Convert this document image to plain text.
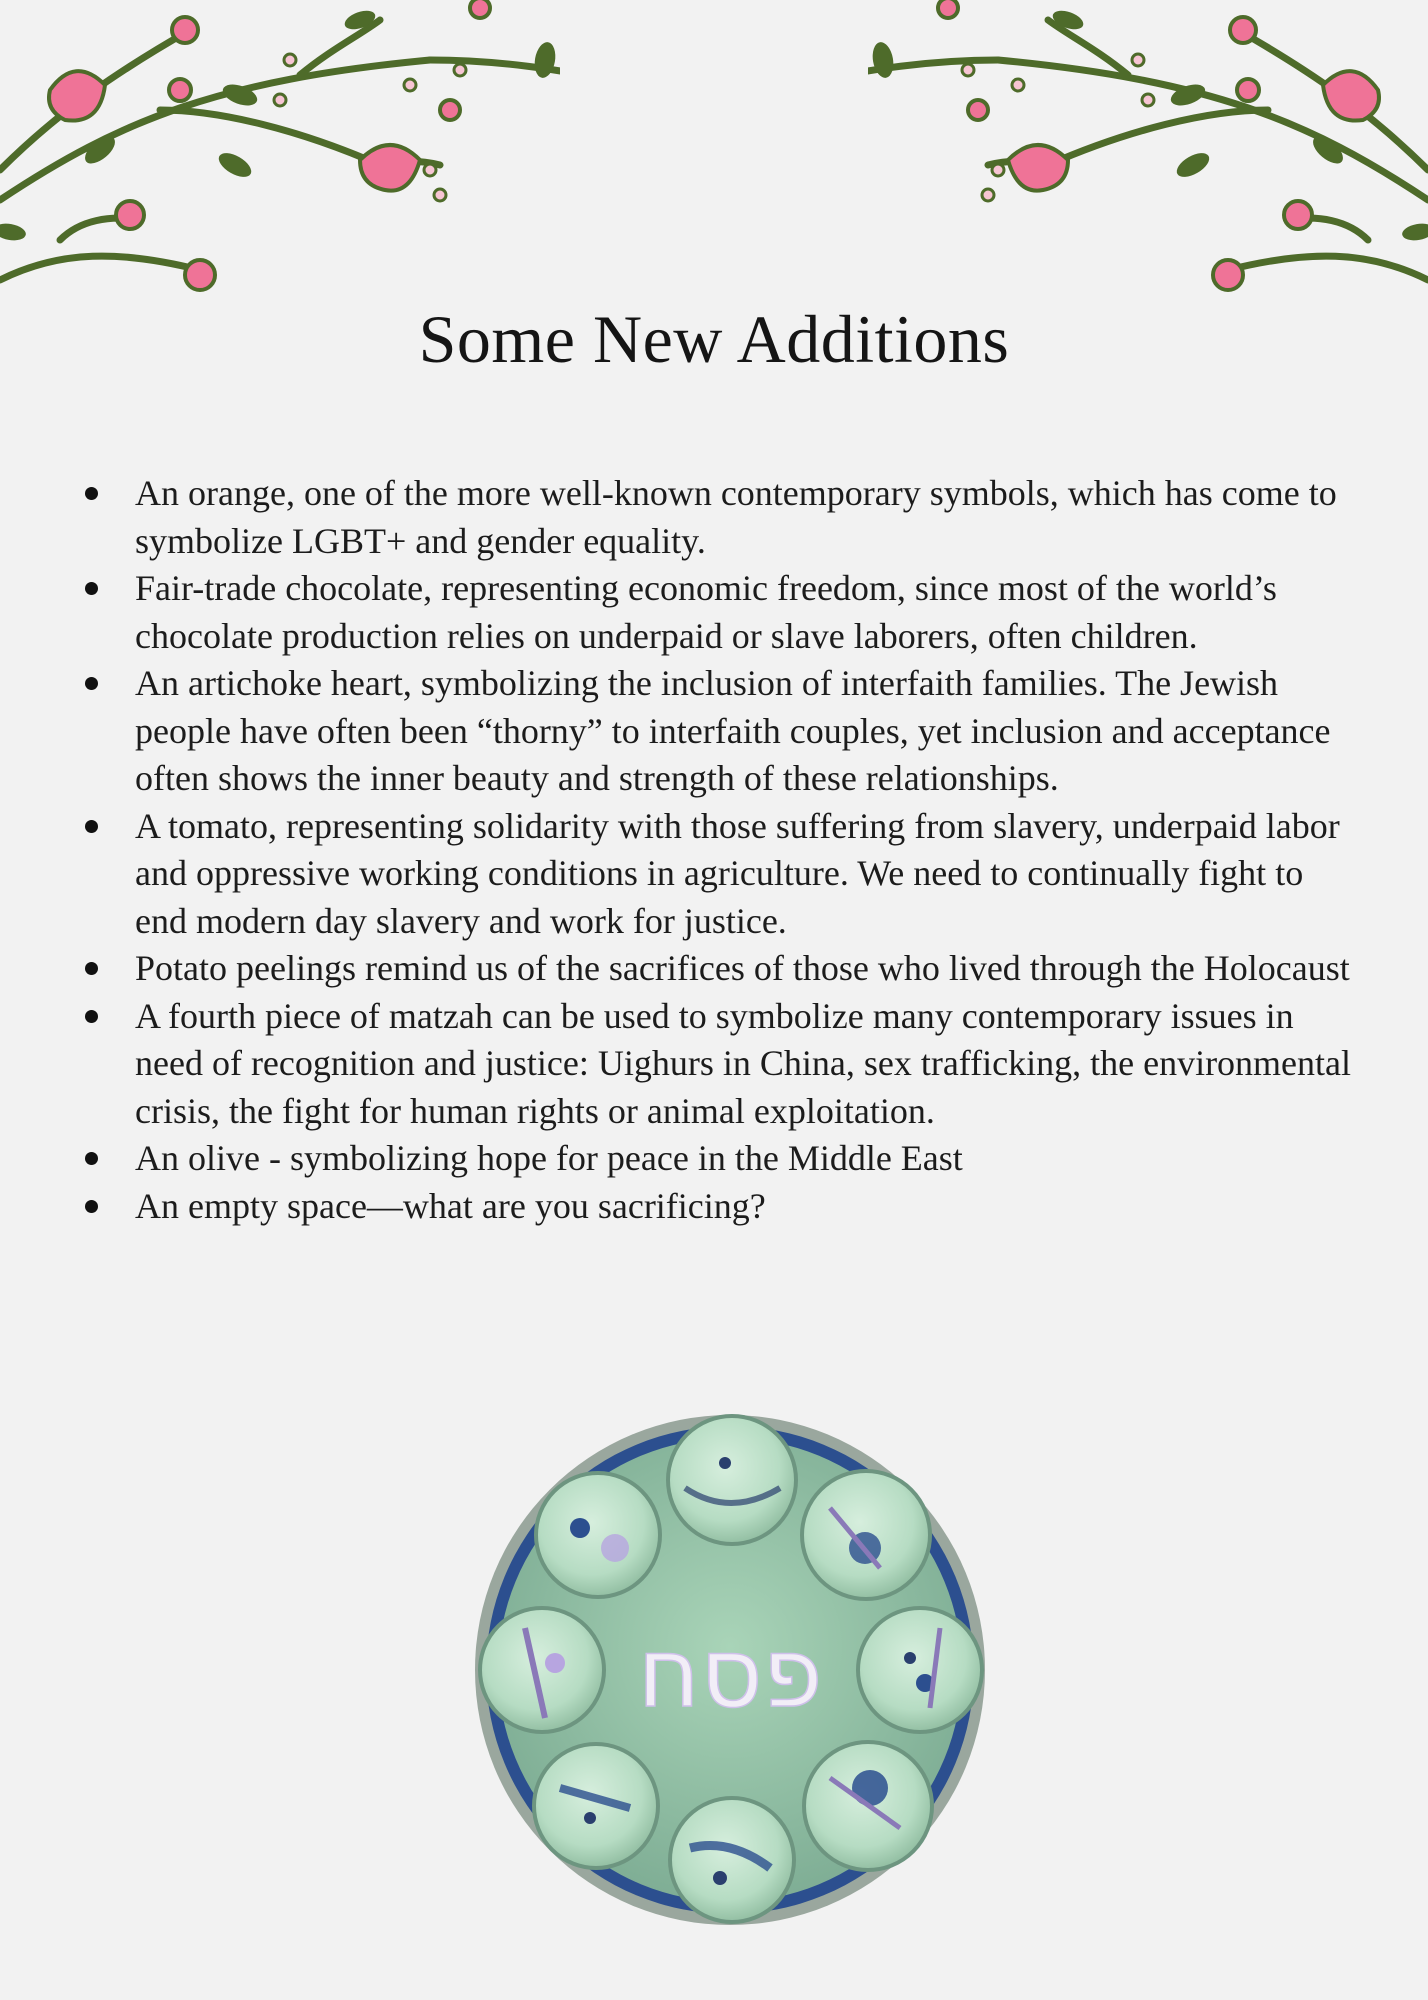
Some New Additions
An orange, one of the more well-known contemporary symbols, which has come to symbolize LGBT+ and gender equality.
Fair-trade chocolate, representing economic freedom, since most of the world’s chocolate production relies on underpaid or slave laborers, often children.
An artichoke heart, symbolizing the inclusion of interfaith families. The Jewish people have often been “thorny” to interfaith couples, yet inclusion and acceptance often shows the inner beauty and strength of these relationships.
A tomato, representing solidarity with those suffering from slavery, underpaid labor and oppressive working conditions in agriculture. We need to continually fight to end modern day slavery and work for justice.
Potato peelings remind us of the sacrifices of those who lived through the Holocaust
A fourth piece of matzah can be used to symbolize many contemporary issues in need of recognition and justice: Uighurs in China, sex trafficking, the environmental crisis, the fight for human rights or animal exploitation.
An olive - symbolizing hope for peace in the Middle East
An empty space—what are you sacrificing?
פסח
